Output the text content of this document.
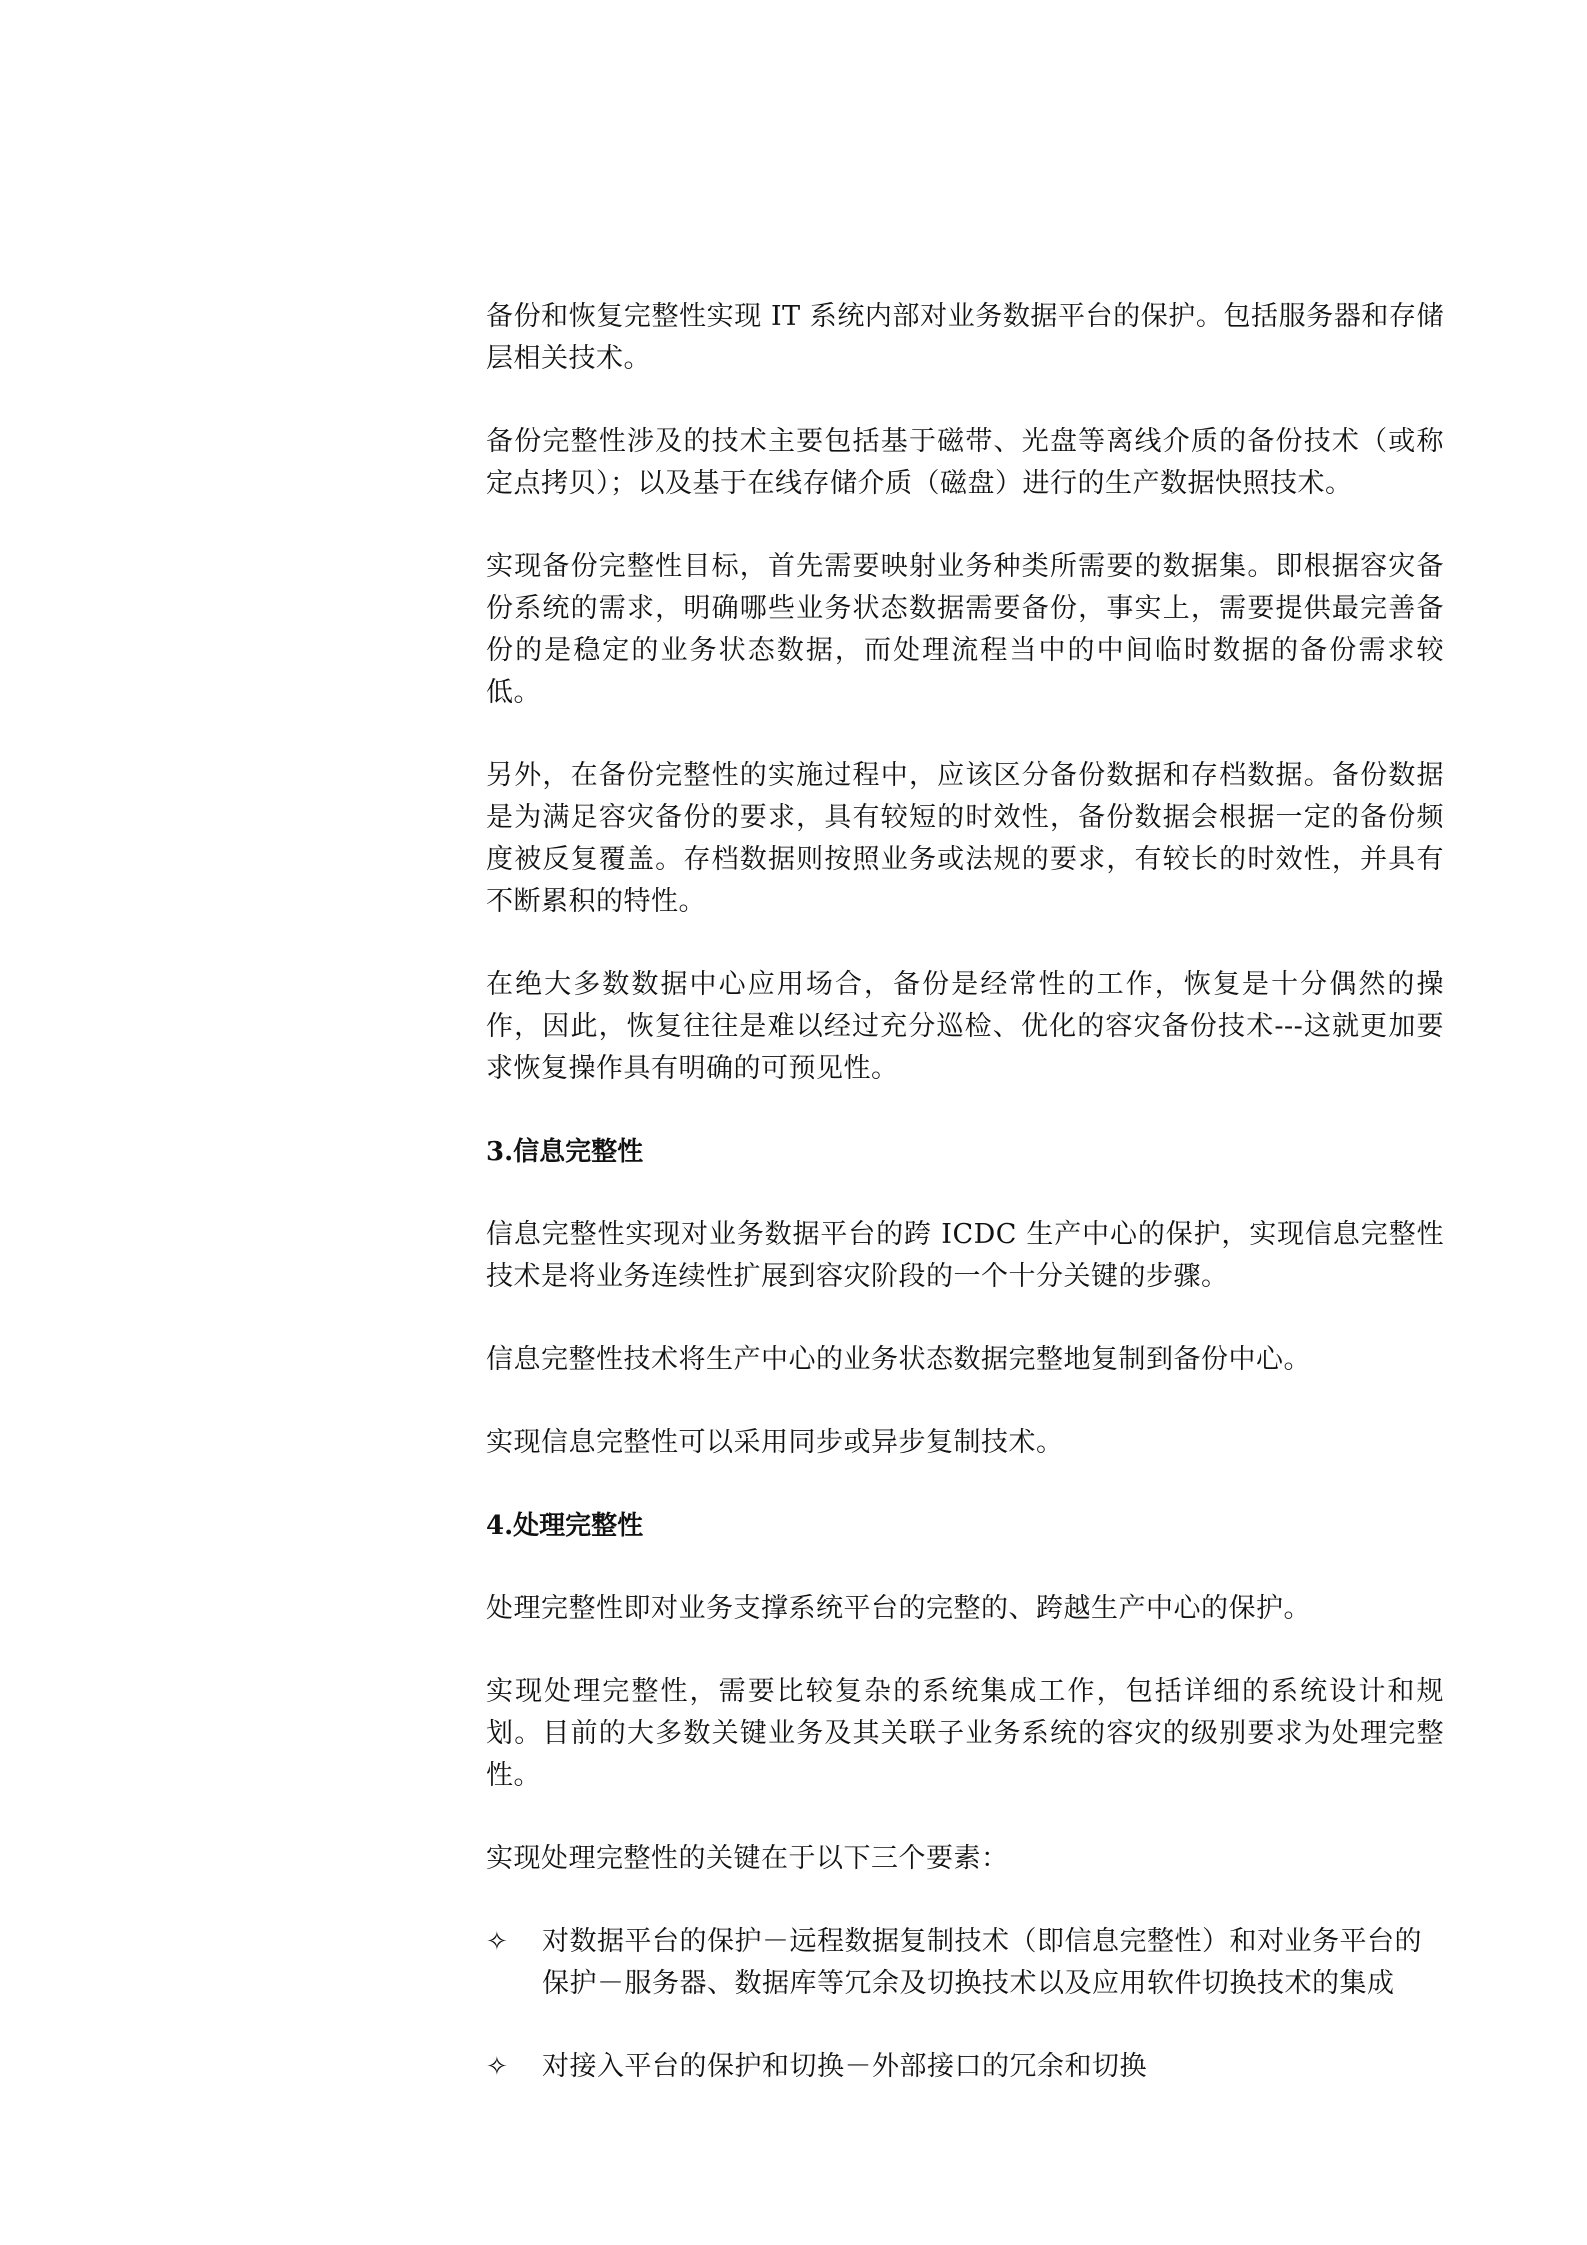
备份和恢复完整性实现 IT 系统内部对业务数据平台的保护。包括服务器和存储层相关技术。

备份完整性涉及的技术主要包括基于磁带、光盘等离线介质的备份技术（或称定点拷贝）；以及基于在线存储介质（磁盘）进行的生产数据快照技术。

实现备份完整性目标，首先需要映射业务种类所需要的数据集。即根据容灾备份系统的需求，明确哪些业务状态数据需要备份，事实上，需要提供最完善备份的是稳定的业务状态数据，而处理流程当中的中间临时数据的备份需求较低。

另外，在备份完整性的实施过程中，应该区分备份数据和存档数据。备份数据是为满足容灾备份的要求，具有较短的时效性，备份数据会根据一定的备份频度被反复覆盖。存档数据则按照业务或法规的要求，有较长的时效性，并具有不断累积的特性。

在绝大多数数据中心应用场合，备份是经常性的工作，恢复是十分偶然的操作，因此，恢复往往是难以经过充分巡检、优化的容灾备份技术---这就更加要求恢复操作具有明确的可预见性。

3.信息完整性

信息完整性实现对业务数据平台的跨 ICDC 生产中心的保护，实现信息完整性技术是将业务连续性扩展到容灾阶段的一个十分关键的步骤。

信息完整性技术将生产中心的业务状态数据完整地复制到备份中心。

实现信息完整性可以采用同步或异步复制技术。

4.处理完整性

处理完整性即对业务支撑系统平台的完整的、跨越生产中心的保护。

实现处理完整性，需要比较复杂的系统集成工作，包括详细的系统设计和规划。目前的大多数关键业务及其关联子业务系统的容灾的级别要求为处理完整性。

实现处理完整性的关键在于以下三个要素：

✧ 对数据平台的保护－远程数据复制技术（即信息完整性）和对业务平台的保护－服务器、数据库等冗余及切换技术以及应用软件切换技术的集成
✧ 对接入平台的保护和切换－外部接口的冗余和切换
